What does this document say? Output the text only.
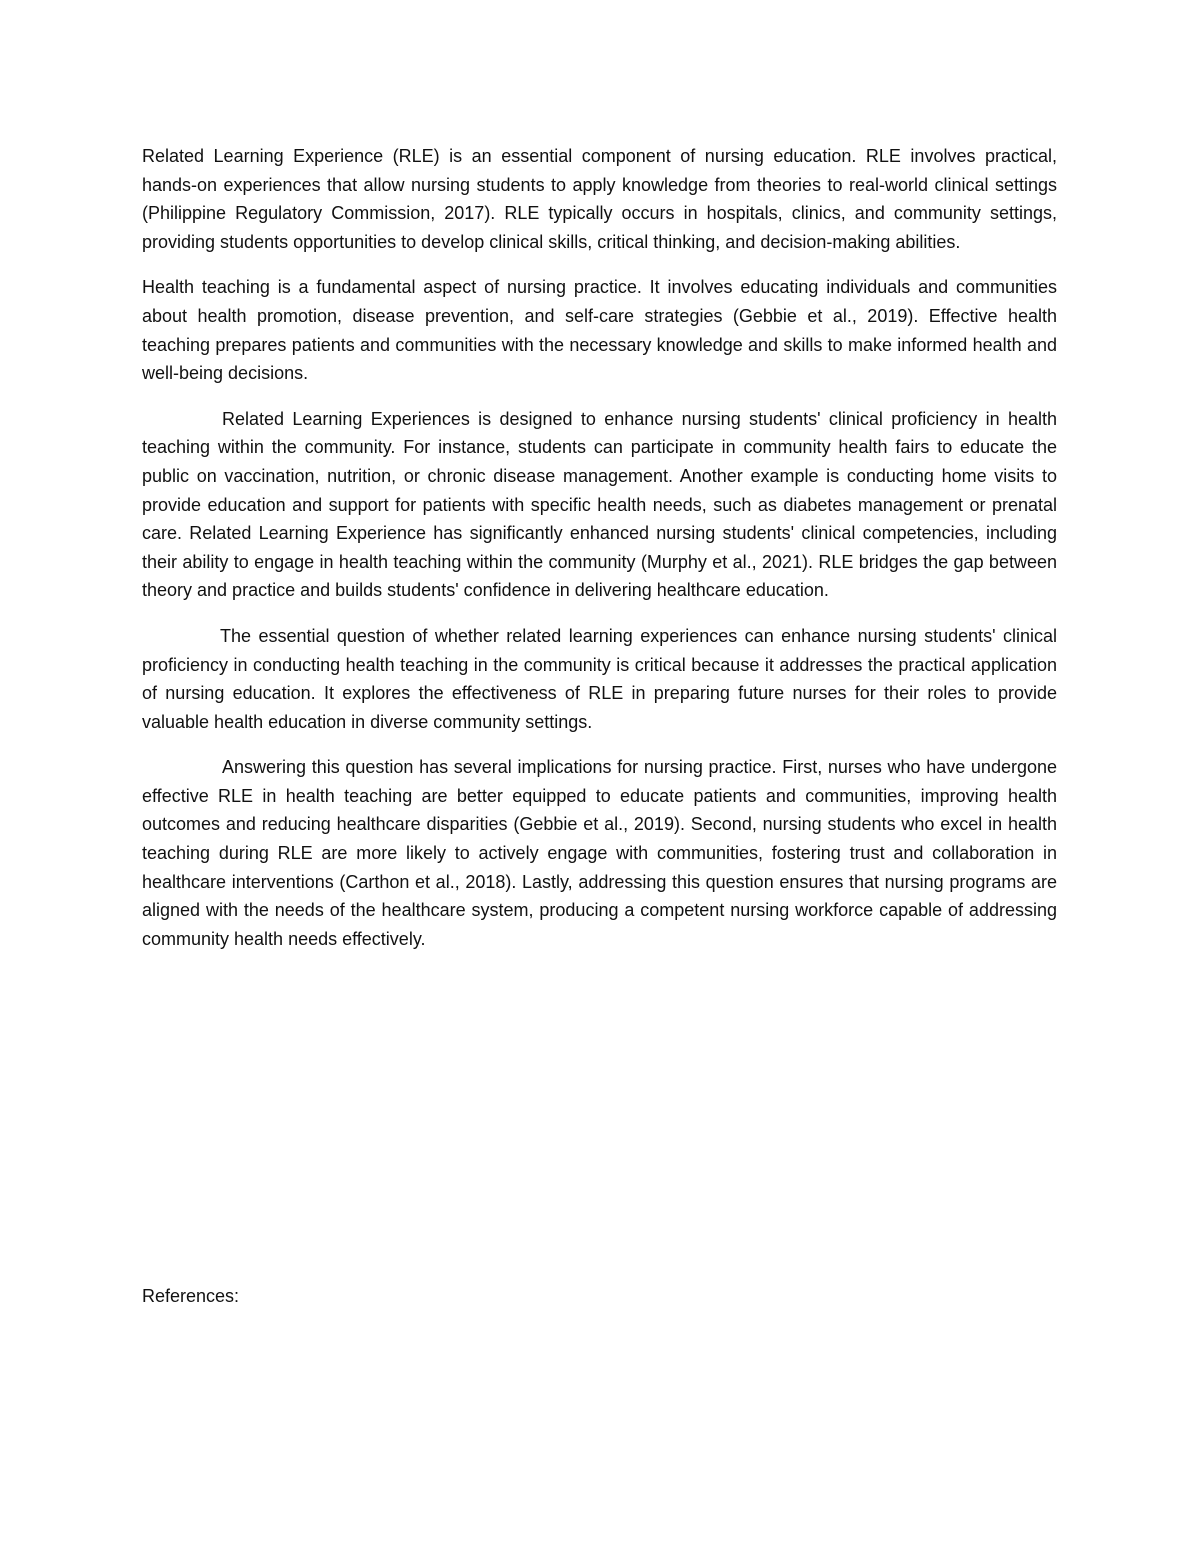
Related Learning Experience (RLE) is an essential component of nursing education. RLE involves practical, hands-on experiences that allow nursing students to apply knowledge from theories to real-world clinical settings (Philippine Regulatory Commission, 2017). RLE typically occurs in hospitals, clinics, and community settings, providing students opportunities to develop clinical skills, critical thinking, and decision-making abilities.

Health teaching is a fundamental aspect of nursing practice. It involves educating individuals and communities about health promotion, disease prevention, and self-care strategies (Gebbie et al., 2019). Effective health teaching prepares patients and communities with the necessary knowledge and skills to make informed health and well-being decisions.

Related Learning Experiences is designed to enhance nursing students' clinical proficiency in health teaching within the community. For instance, students can participate in community health fairs to educate the public on vaccination, nutrition, or chronic disease management. Another example is conducting home visits to provide education and support for patients with specific health needs, such as diabetes management or prenatal care. Related Learning Experience has significantly enhanced nursing students' clinical competencies, including their ability to engage in health teaching within the community (Murphy et al., 2021). RLE bridges the gap between theory and practice and builds students' confidence in delivering healthcare education.

The essential question of whether related learning experiences can enhance nursing students' clinical proficiency in conducting health teaching in the community is critical because it addresses the practical application of nursing education. It explores the effectiveness of RLE in preparing future nurses for their roles to provide valuable health education in diverse community settings.

Answering this question has several implications for nursing practice. First, nurses who have undergone effective RLE in health teaching are better equipped to educate patients and communities, improving health outcomes and reducing healthcare disparities (Gebbie et al., 2019). Second, nursing students who excel in health teaching during RLE are more likely to actively engage with communities, fostering trust and collaboration in healthcare interventions (Carthon et al., 2018). Lastly, addressing this question ensures that nursing programs are aligned with the needs of the healthcare system, producing a competent nursing workforce capable of addressing community health needs effectively.

References:
